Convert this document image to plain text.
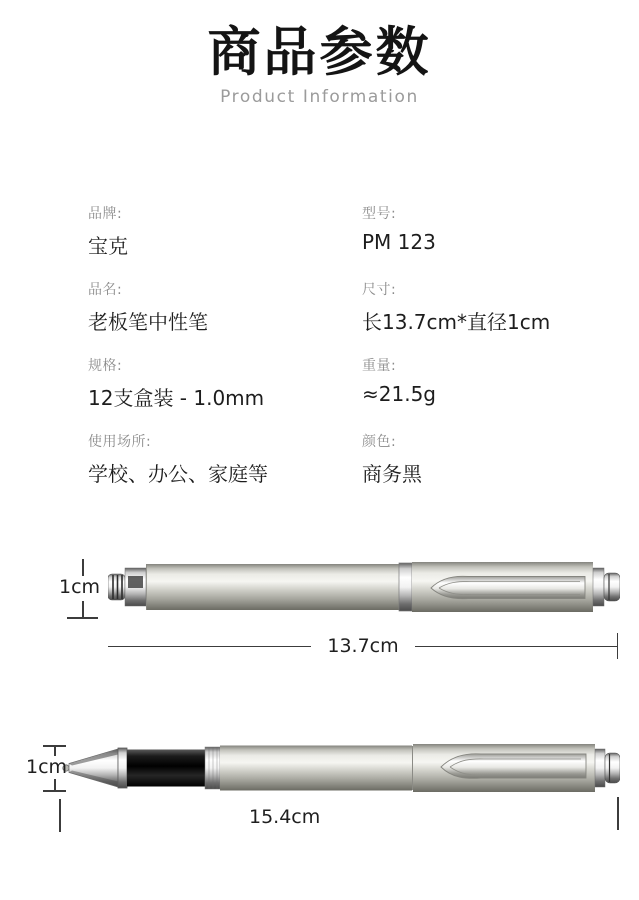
商品参数

Product Information

品牌:
宝克
型号:
PM 123
品名:
老板笔中性笔
尺寸:
长13.7cm*直径1cm
规格:
12支盒装 - 1.0mm
重量:
≈21.5g
使用场所:
学校、办公、家庭等
颜色:
商务黑
1cm
13.7cm
1cm
15.4cm
